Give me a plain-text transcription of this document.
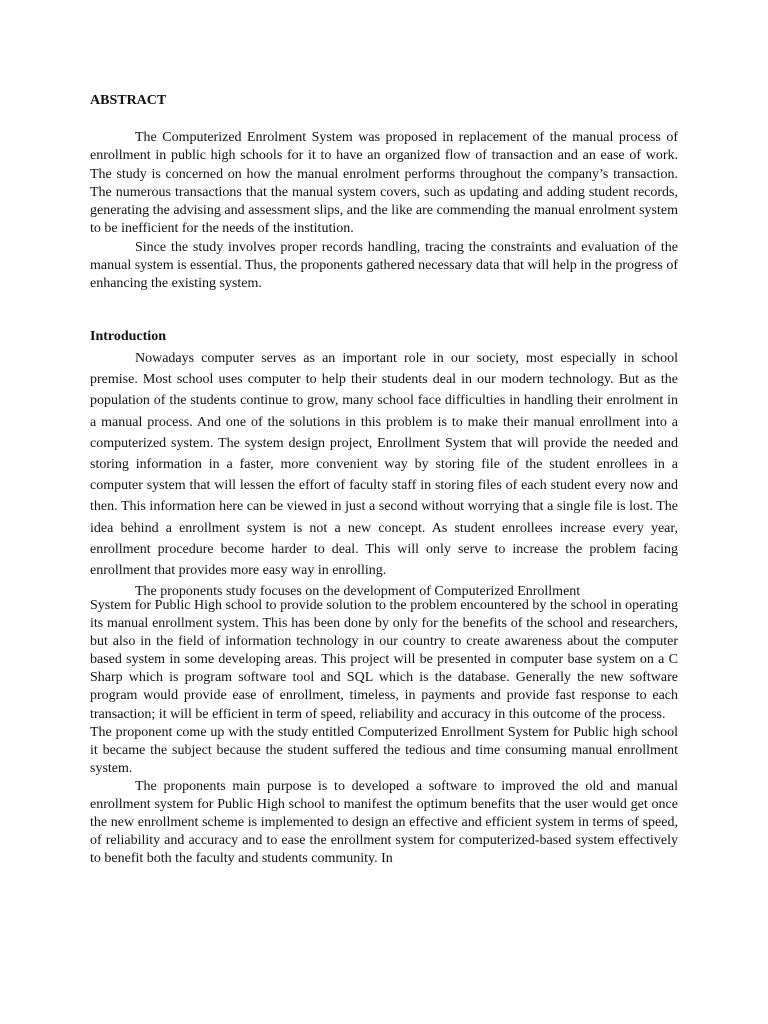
ABSTRACT

The Computerized Enrolment System was proposed in replacement of the manual process of enrollment in public high schools for it to have an organized flow of transaction and an ease of work. The study is concerned on how the manual enrolment performs throughout the company’s transaction. The numerous transactions that the manual system covers, such as updating and adding student records, generating the advising and assessment slips, and the like are commending the manual enrolment system to be inefficient for the needs of the institution.

Since the study involves proper records handling, tracing the constraints and evaluation of the manual system is essential. Thus, the proponents gathered necessary data that will help in the progress of enhancing the existing system.

Introduction

Nowadays computer serves as an important role in our society, most especially in school premise. Most school uses computer to help their students deal in our modern technology. But as the population of the students continue to grow, many school face difficulties in handling their enrolment in a manual process. And one of the solutions in this problem is to make their manual enrollment into a computerized system. The system design project, Enrollment System that will provide the needed and storing information in a faster, more convenient way by storing file of the student enrollees in a computer system that will lessen the effort of faculty staff in storing files of each student every now and then. This information here can be viewed in just a second without worrying that a single file is lost. The idea behind a enrollment system is not a new concept. As student enrollees increase every year, enrollment procedure become harder to deal. This will only serve to increase the problem facing enrollment that provides more easy way in enrolling.

The proponents study focuses on the development of Computerized Enrollment

System for Public High school to provide solution to the problem encountered by the school in operating its manual enrollment system. This has been done by only for the benefits of the school and researchers, but also in the field of information technology in our country to create awareness about the computer based system in some developing areas. This project will be presented in computer base system on a C Sharp which is program software tool and SQL which is the database. Generally the new software program would provide ease of enrollment, timeless, in payments and provide fast response to each transaction; it will be efficient in term of speed, reliability and accuracy in this outcome of the process.

The proponent come up with the study entitled Computerized Enrollment System for Public high school it became the subject because the student suffered the tedious and time consuming manual enrollment system.

The proponents main purpose is to developed a software to improved the old and manual enrollment system for Public High school to manifest the optimum benefits that the user would get once the new enrollment scheme is implemented to design an effective and efficient system in terms of speed, of reliability and accuracy and to ease the enrollment system for computerized-based system effectively to benefit both the faculty and students community. In
